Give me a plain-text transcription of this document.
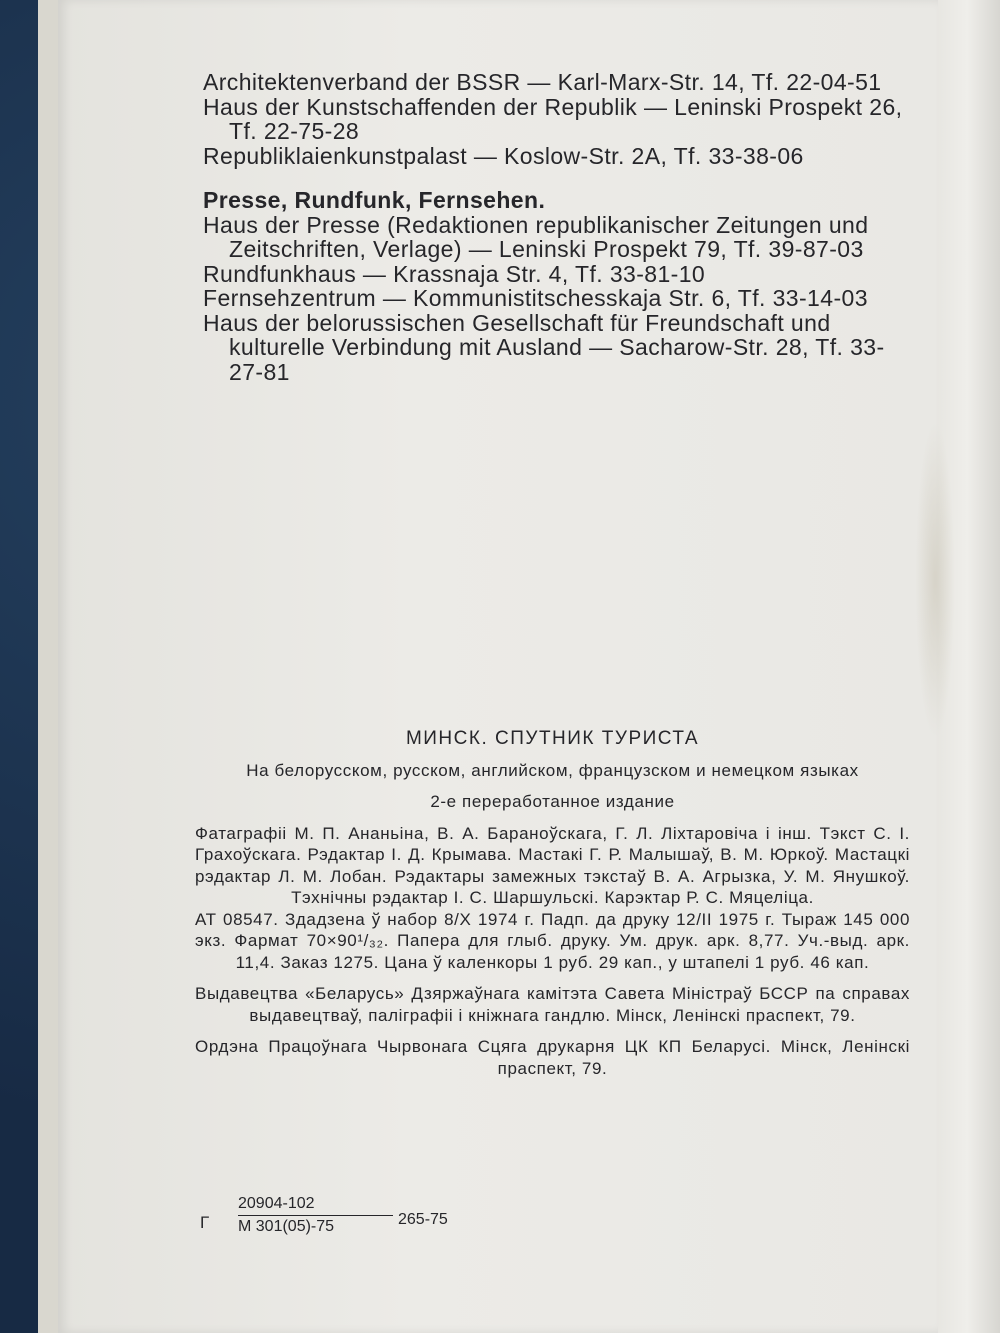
Architektenverband der BSSR — Karl-Marx-Str. 14, Tf. 22-04-51

Haus der Kunstschaffenden der Republik — Leninski Prospekt 26, Tf. 22-75-28

Republiklaienkunstpalast — Koslow-Str. 2A, Tf. 33-38-06

Presse, Rundfunk, Fernsehen.

Haus der Presse (Redaktionen republikanischer Zeitungen und Zeitschriften, Verlage) — Leninski Prospekt 79, Tf. 39-87-03

Rundfunkhaus — Krassnaja Str. 4, Tf. 33-81-10

Fernsehzentrum — Kommunistitschesskaja Str. 6, Tf. 33-14-03

Haus der belorussischen Gesellschaft für Freundschaft und kulturelle Verbindung mit Ausland — Sacharow-Str. 28, Tf. 33-27-81

МИНСК. СПУТНИК ТУРИСТА

На белорусском, русском, английском, французском и немецком языках

2-е переработанное издание

Фатаграфіі М. П. Ананьіна, В. А. Бараноўскага, Г. Л. Ліхтаровіча і інш. Тэкст С. І. Грахоўскага. Рэдактар І. Д. Крымава. Мастакі Г. Р. Малышаў, В. М. Юркоў. Мастацкі рэдактар Л. М. Лобан. Рэдактары замежных тэкстаў В. А. Агрызка, У. М. Янушкоў. Тэхнічны рэдактар І. С. Шаршульскі. Карэктар Р. С. Мяцеліца.

АТ 08547. Здадзена ў набор 8/X 1974 г. Падп. да друку 12/II 1975 г. Тыраж 145 000 экз. Фармат 70×90¹/₃₂. Папера для глыб. друку. Ум. друк. арк. 8,77. Уч.-выд. арк. 11,4. Заказ 1275. Цана ў каленкоры 1 руб. 29 кап., у штапелі 1 руб. 46 кап.

Выдавецтва «Беларусь» Дзяржаўнага камітэта Савета Міністраў БССР па справах выдавецтваў, паліграфіі і кніжнага гандлю. Мінск, Ленінскі праспект, 79.

Ордэна Працоўнага Чырвонага Сцяга друкарня ЦК КП Беларусі. Мінск, Ленінскі праспект, 79.

Г
20904-102
М 301(05)-75	265-75
